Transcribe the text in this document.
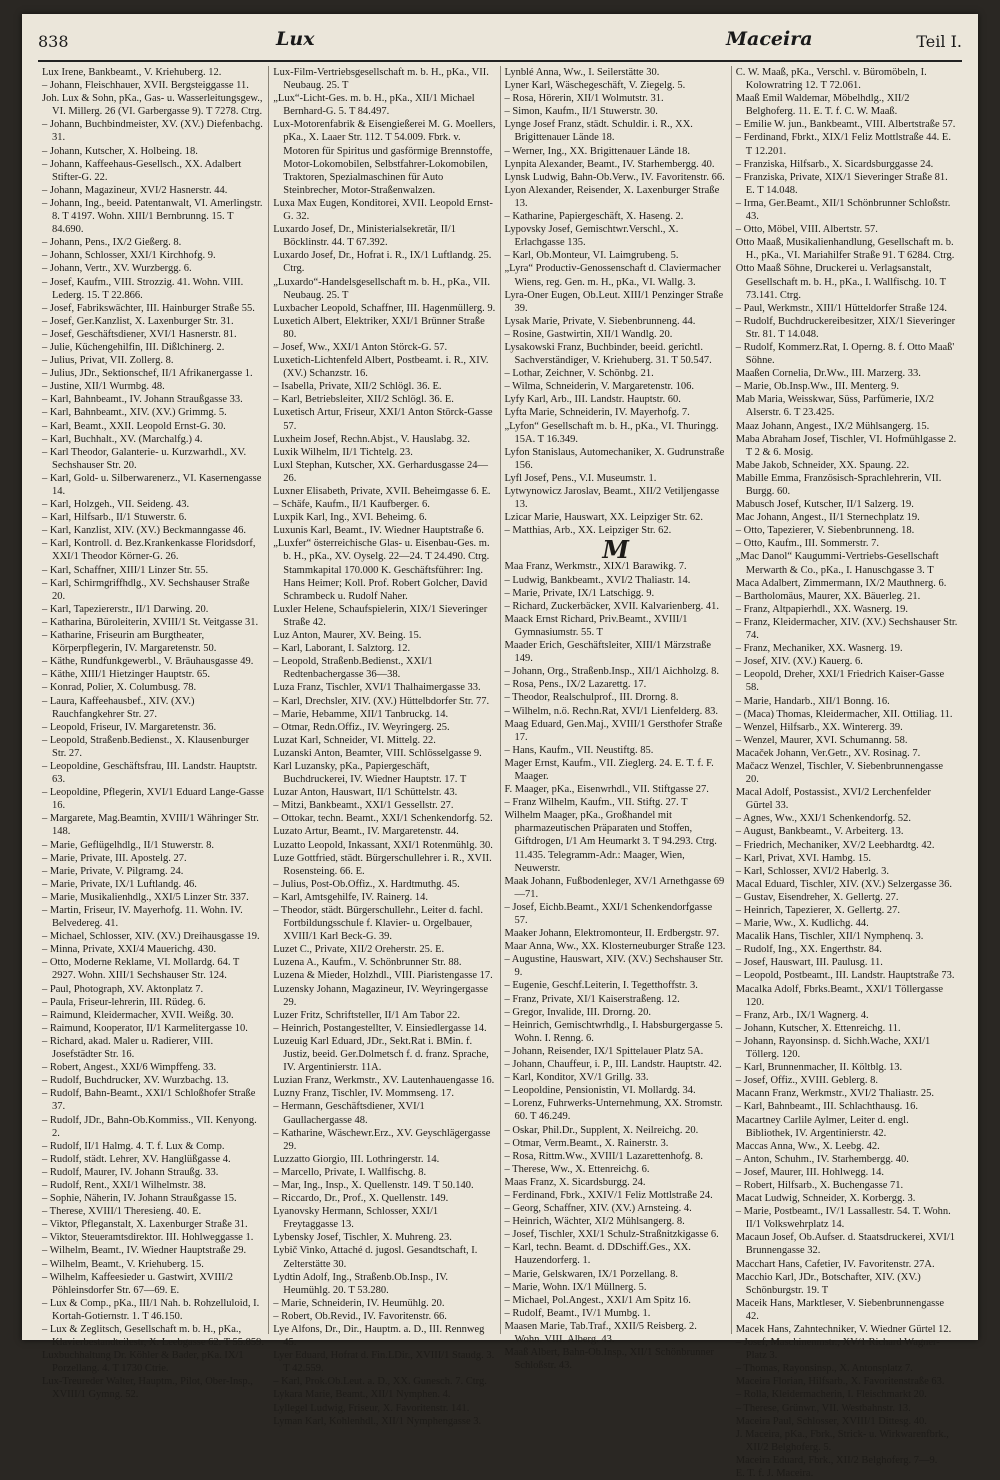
838	Lux	Maceira	Teil I.

Lux Irene, Bankbeamt., V. Kriehuberg. 12.

– Johann, Fleischhauer, XVII. Bergsteiggasse 11.

Joh. Lux & Sohn, pKa., Gas- u. Wasserleitungsgew., VI. Millerg. 26 (VI. Garbergasse 9). T 7278. Ctrg.

– Johann, Buchbindmeister, XV. (XV.) Diefenbachg. 31.

– Johann, Kutscher, X. Holbeing. 18.

– Johann, Kaffeehaus-Gesellsch., XX. Adalbert Stifter-G. 22.

– Johann, Magazineur, XVI/2 Hasnerstr. 44.

– Johann, Ing., beeid. Patentanwalt, VI. Amerlingstr. 8. T 4197. Wohn. XIII/1 Bernbrunng. 15. T 84.690.

– Johann, Pens., IX/2 Gießerg. 8.

– Johann, Schlosser, XXI/1 Kirchhofg. 9.

– Johann, Vertr., XV. Wurzbergg. 6.

– Josef, Kaufm., VIII. Strozzig. 41. Wohn. VIII. Lederg. 15. T 22.866.

– Josef, Fabrikswächter, III. Hainburger Straße 55.

– Josef, Ger.Kanzlist, X. Laxenburger Str. 31.

– Josef, Geschäftsdiener, XVI/1 Hasnerstr. 81.

– Julie, Küchengehilfin, III. Dißlchinerg. 2.

– Julius, Privat, VII. Zollerg. 8.

– Julius, JDr., Sektionschef, II/1 Afrikanergasse 1.

– Justine, XII/1 Wurmbg. 48.

– Karl, Bahnbeamt., IV. Johann Straußgasse 33.

– Karl, Bahnbeamt., XIV. (XV.) Grimmg. 5.

– Karl, Beamt., XXII. Leopold Ernst-G. 30.

– Karl, Buchhalt., XV. (Marchalfg.) 4.

– Karl Theodor, Galanterie- u. Kurzwarhdl., XV. Sechshauser Str. 20.

– Karl, Gold- u. Silberwarenerz., VI. Kasernengasse 14.

– Karl, Holzgeh., VII. Seideng. 43.

– Karl, Hilfsarb., II/1 Stuwerstr. 6.

– Karl, Kanzlist, XIV. (XV.) Beckmanngasse 46.

– Karl, Kontroll. d. Bez.Krankenkasse Floridsdorf, XXI/1 Theodor Körner-G. 26.

– Karl, Schaffner, XIII/1 Linzer Str. 55.

– Karl, Schirmgriffhdlg., XV. Sechshauser Straße 20.

– Karl, Tapeziererstr., II/1 Darwing. 20.

– Katharina, Büroleiterin, XVIII/1 St. Veitgasse 31.

– Katharine, Friseurin am Burgtheater, Körperpflegerin, IV. Margaretenstr. 50.

– Käthe, Rundfunkgewerbl., V. Bräuhausgasse 49.

– Käthe, XIII/1 Hietzinger Hauptstr. 65.

– Konrad, Polier, X. Columbusg. 78.

– Laura, Kaffeehausbef., XIV. (XV.) Rauchfangkehrer Str. 27.

– Leopold, Friseur, IV. Margaretenstr. 36.

– Leopold, Straßenb.Bedienst., X. Klausenburger Str. 27.

– Leopoldine, Geschäftsfrau, III. Landstr. Hauptstr. 63.

– Leopoldine, Pflegerin, XVI/1 Eduard Lange-Gasse 16.

– Margarete, Mag.Beamtin, XVIII/1 Währinger Str. 148.

– Marie, Geflügelhdlg., II/1 Stuwerstr. 8.

– Marie, Private, III. Apostelg. 27.

– Marie, Private, V. Pilgramg. 24.

– Marie, Private, IX/1 Luftlandg. 46.

– Marie, Musikalienhdlg., XXI/5 Linzer Str. 337.

– Martin, Friseur, IV. Mayerhofg. 11. Wohn. IV. Belvedereg. 41.

– Michael, Schlosser, XIV. (XV.) Dreihausgasse 19.

– Minna, Private, XXI/4 Mauerichg. 430.

– Otto, Moderne Reklame, VI. Mollardg. 64. T 2927. Wohn. XIII/1 Sechshauser Str. 124.

– Paul, Photograph, XV. Aktonplatz 7.

– Paula, Friseur-lehrerin, III. Rüdeg. 6.

– Raimund, Kleidermacher, XVII. Weißg. 30.

– Raimund, Kooperator, II/1 Karmelitergasse 10.

– Richard, akad. Maler u. Radierer, VIII. Josefstädter Str. 16.

– Robert, Angest., XXI/6 Wimpffeng. 33.

– Rudolf, Buchdrucker, XV. Wurzbachg. 13.

– Rudolf, Bahn-Beamt., XXI/1 Schloßhofer Straße 37.

– Rudolf, JDr., Bahn-Ob.Kommiss., VII. Kenyong. 2.

– Rudolf, II/1 Halmg. 4. T. f. Lux & Comp.

– Rudolf, städt. Lehrer, XV. Hanglüßgasse 4.

– Rudolf, Maurer, IV. Johann Straußg. 33.

– Rudolf, Rent., XXI/1 Wilhelmstr. 38.

– Sophie, Näherin, IV. Johann Straußgasse 15.

– Therese, XVIII/1 Theresieng. 40. E.

– Viktor, Pfleganstalt, X. Laxenburger Straße 31.

– Viktor, Steueramtsdirektor. III. Hohlweggasse 1.

– Wilhelm, Beamt., IV. Wiedner Hauptstraße 29.

– Wilhelm, Beamt., V. Kriehuberg. 15.

– Wilhelm, Kaffeesieder u. Gastwirt, XVIII/2 Pöhleinsdorfer Str. 67—69. E.

– Lux & Comp., pKa., III/1 Nah. b. Rohzelluloid, I. Kortah-Gotiernstr. 1. T 46.150.

– Lux & Zeglitsch, Gesellschaft m. b. H., pKa., Klavierbestandteilestr, X. Leebgasse 62. T 55.859.

Luxbuchhaltung Dr. Köhler & Bader, pKa. IX/1 Porzellang. 4. T 1730 Ctrie.

Lux-Treureder Walter, Hauptm., Pilot, Ober-Insp., XVIII/1 Gymng. 52.

Lux-Film-Vertriebsgesellschaft m. b. H., pKa., VII. Neubaug. 25. T

„Lux“-Licht-Ges. m. b. H., pKa., XII/1 Michael Bernhard-G. 5. T 84.497.

Lux-Motorenfabrik & Eisengießerei M. G. Moellers, pKa., X. Laaer Str. 112. T 54.009. Fbrk. v. Motoren für Spiritus und gasförmige Brennstoffe, Motor-Lokomobilen, Selbstfahrer-Lokomobilen, Traktoren, Spezialmaschinen für Auto Steinbrecher, Motor-Straßenwalzen.

Luxa Max Eugen, Konditorei, XVII. Leopold Ernst-G. 32.

Luxardo Josef, Dr., Ministerialsekretär, II/1 Böcklinstr. 44. T 67.392.

Luxardo Josef, Dr., Hofrat i. R., IX/1 Luftlandg. 25. Ctrg.

„Luxardo“-Handelsgesellschaft m. b. H., pKa., VII. Neubaug. 25. T

Luxbacher Leopold, Schaffner, III. Hagenmüllerg. 9.

Luxetich Albert, Elektriker, XXI/1 Brünner Straße 80.

– Josef, Ww., XXI/1 Anton Störck-G. 57.

Luxetich-Lichtenfeld Albert, Postbeamt. i. R., XIV. (XV.) Schanzstr. 16.

– Isabella, Private, XII/2 Schlögl. 36. E.

– Karl, Betriebsleiter, XII/2 Schlögl. 36. E.

Luxetisch Artur, Friseur, XXI/1 Anton Störck-Gasse 57.

Luxheim Josef, Rechn.Abjst., V. Hauslabg. 32.

Luxik Wilhelm, II/1 Tichtelg. 23.

Luxl Stephan, Kutscher, XX. Gerhardusgasse 24—26.

Luxner Elisabeth, Private, XVII. Beheimgasse 6. E.

– Schäfe, Kaufm., II/1 Kaufberger. 6.

Luxpik Karl, Ing., XVI. Beheimg. 6.

Luxunis Karl, Beamt., IV. Wiedner Hauptstraße 6.

„Luxfer“ österreichische Glas- u. Eisenbau-Ges. m. b. H., pKa., XV. Oyselg. 22—24. T 24.490. Ctrg. Stammkapital 170.000 K. Geschäftsführer: Ing. Hans Heimer; Koll. Prof. Robert Golcher, David Schrambeck u. Rudolf Naher.

Luxler Helene, Schaufspielerin, XIX/1 Sieveringer Straße 42.

Luz Anton, Maurer, XV. Being. 15.

– Karl, Laborant, I. Salztorg. 12.

– Leopold, Straßenb.Bedienst., XXI/1 Redtenbachergasse 36—38.

Luza Franz, Tischler, XVI/1 Thalhaimergasse 33.

– Karl, Drechsler, XIV. (XV.) Hüttelbdorfer Str. 77.

– Marie, Hebamme, XII/1 Tanbruckg. 14.

– Otmar, Redn.Offiz., IV. Weyringerg. 25.

Luzat Karl, Schneider, VI. Mittelg. 22.

Luzanski Anton, Beamter, VIII. Schlösselgasse 9.

Karl Luzansky, pKa., Papiergeschäft, Buchdruckerei, IV. Wiedner Hauptstr. 17. T

Luzar Anton, Hauswart, II/1 Schüttelstr. 43.

– Mitzi, Bankbeamt., XXI/1 Gessellstr. 27.

– Ottokar, techn. Beamt., XXI/1 Schenkendorfg. 52.

Luzato Artur, Beamt., IV. Margaretenstr. 44.

Luzatto Leopold, Inkassant, XXI/1 Rotenmühlg. 30.

Luze Gottfried, städt. Bürgerschullehrer i. R., XVII. Rosensteing. 66. E.

– Julius, Post-Ob.Offiz., X. Hardtmuthg. 45.

– Karl, Amtsgehilfe, IV. Rainerg. 14.

– Theodor, städt. Bürgerschullehr., Leiter d. fachl. Fortbildungsschule f. Klavier- u. Orgelbauer, XVIII/1 Karl Beck-G. 39.

Luzet C., Private, XII/2 Oreherstr. 25. E.

Luzena A., Kaufm., V. Schönbrunner Str. 88.

Luzena & Mieder, Holzhdl., VIII. Piaristengasse 17.

Luzensky Johann, Magazineur, IV. Weyringergasse 29.

Luzer Fritz, Schriftsteller, II/1 Am Tabor 22.

– Heinrich, Postangestellter, V. Einsiedlergasse 14.

Luzeuig Karl Eduard, JDr., Sekt.Rat i. BMin. f. Justiz, beeid. Ger.Dolmetsch f. d. franz. Sprache, IV. Argentinierstr. 11A.

Luzian Franz, Werkmstr., XV. Lautenhauengasse 16.

Luzny Franz, Tischler, IV. Mommseng. 17.

– Hermann, Geschäftsdiener, XVI/1 Gaullachergasse 48.

– Katharine, Wäschewr.Erz., XV. Geyschlägergasse 29.

Luzzatto Giorgio, III. Lothringerstr. 14.

– Marcello, Private, I. Wallfischg. 8.

– Mar, Ing., Insp., X. Quellenstr. 149. T 50.140.

– Riccardo, Dr., Prof., X. Quellenstr. 149.

Lyanovsky Hermann, Schlosser, XXI/1 Freytaggasse 13.

Lybensky Josef, Tischler, X. Muhreng. 23.

Lybič Vinko, Attaché d. jugosl. Gesandtschaft, I. Zelterstätte 30.

Lydtin Adolf, Ing., Straßenb.Ob.Insp., IV. Heumühlg. 20. T 53.280.

– Marie, Schneiderin, IV. Heumühlg. 20.

– Robert, Ob.Revid., IV. Favoritenstr. 66.

Lye Alfons, Dr., Dir., Hauptm. a. D., III. Rennweg 45.

Lyer Eduard, Hofrat d. Fin.LDir., XVIII/1 Staudg. 3. T 42.559.

– Karl, Prok.Ob.Leut. a. D., XX. Gunesch. 7. Ctrg.

Lykara Marie, Beamt., XII/1 Nymphen. 4.

Lyllegel Ludwig, Friseur, X. Favoritenstr. 141.

Lyman Karl, Kohlenhdl., XII/1 Nymphengasse 3.

Lynblé Anna, Ww., I. Seilerstätte 30.

Lyner Karl, Wäschegeschäft, V. Ziegelg. 5.

– Rosa, Hörerin, XII/1 Wolmutstr. 31.

– Simon, Kaufm., II/1 Stuwerstr. 30.

Lynge Josef Franz, städt. Schuldir. i. R., XX. Brigittenauer Lände 18.

– Werner, Ing., XX. Brigittenauer Lände 18.

Lynpita Alexander, Beamt., IV. Starhembergg. 40.

Lynsk Ludwig, Bahn-Ob.Verw., IV. Favoritenstr. 66.

Lyon Alexander, Reisender, X. Laxenburger Straße 13.

– Katharine, Papiergeschäft, X. Haseng. 2.

Lypovsky Josef, Gemischtwr.Verschl., X. Erlachgasse 135.

– Karl, Ob.Monteur, VI. Laimgrubeng. 5.

„Lyra“ Productiv-Genossenschaft d. Claviermacher Wiens, reg. Gen. m. H., pKa., VI. Wallg. 3.

Lyra-Oner Eugen, Ob.Leut. XIII/1 Penzinger Straße 39.

Lysak Marie, Private, V. Siebenbrunneng. 44.

– Rosine, Gastwirtin, XII/1 Wandlg. 20.

Lysakowski Franz, Buchbinder, beeid. gerichtl. Sachverständiger, V. Kriehuberg. 31. T 50.547.

– Lothar, Zeichner, V. Schönbg. 21.

– Wilma, Schneiderin, V. Margaretenstr. 106.

Lyfy Karl, Arb., III. Landstr. Hauptstr. 60.

Lyfta Marie, Schneiderin, IV. Mayerhofg. 7.

„Lyfon“ Gesellschaft m. b. H., pKa., VI. Thuringg. 15A. T 16.349.

Lyfon Stanislaus, Automechaniker, X. Gudrunstraße 156.

Lyfl Josef, Pens., V.I. Museumstr. 1.

Lytwynowicz Jaroslav, Beamt., XII/2 Vetiljengasse 13.

Lzicar Marie, Hauswart, XX. Leipziger Str. 62.

– Matthias, Arb., XX. Leipziger Str. 62.

M

Maa Franz, Werkmstr., XIX/1 Barawikg. 7.

– Ludwig, Bankbeamt., XVI/2 Thaliastr. 14.

– Marie, Private, IX/1 Latschigg. 9.

– Richard, Zuckerbäcker, XVII. Kalvarienberg. 41.

Maack Ernst Richard, Priv.Beamt., XVIII/1 Gymnasiumstr. 55. T

Maader Erich, Geschäftsleiter, XIII/1 Märzstraße 149.

– Johann, Org., Straßenb.Insp., XII/1 Aichholzg. 8.

– Rosa, Pens., IX/2 Lazarettg. 17.

– Theodor, Realschulprof., III. Drorng. 8.

– Wilhelm, n.ö. Rechn.Rat, XVI/1 Lienfelderg. 83.

Maag Eduard, Gen.Maj., XVIII/1 Gersthofer Straße 17.

– Hans, Kaufm., VII. Neustiftg. 85.

Mager Ernst, Kaufm., VII. Zieglerg. 24. E. T. f. F. Maager.

F. Maager, pKa., Eisenwrhdl., VII. Stiftgasse 27.

– Franz Wilhelm, Kaufm., VII. Stiftg. 27. T

Wilhelm Maager, pKa., Großhandel mit pharmazeutischen Präparaten und Stoffen, Giftdrogen, I/1 Am Heumarkt 3. T 94.293. Ctrg. 11.435. Telegramm-Adr.: Maager, Wien, Neuwerstr.

Maak Johann, Fußbodenleger, XV/1 Arnethgasse 69—71.

– Josef, Eichb.Beamt., XXI/1 Schenkendorfgasse 57.

Maaker Johann, Elektromonteur, II. Erdbergstr. 97.

Maar Anna, Ww., XX. Klosterneuburger Straße 123.

– Augustine, Hauswart, XIV. (XV.) Sechshauser Str. 9.

– Eugenie, Geschf.Leiterin, I. Tegetthoffstr. 3.

– Franz, Private, XI/1 Kaiserstraßeng. 12.

– Gregor, Invalide, III. Drorng. 20.

– Heinrich, Gemischtwrhdlg., I. Habsburgergasse 5. Wohn. I. Renng. 6.

– Johann, Reisender, IX/1 Spittelauer Platz 5A.

– Johann, Chauffeur, i. P., III. Landstr. Hauptstr. 42.

– Karl, Konditor, XV/1 Grillg. 33.

– Leopoldine, Pensionistin, VI. Mollardg. 34.

– Lorenz, Fuhrwerks-Unternehmung, XX. Stromstr. 60. T 46.249.

– Oskar, Phil.Dr., Supplent, X. Neilreichg. 20.

– Otmar, Verm.Beamt., X. Rainerstr. 3.

– Rosa, Rittm.Ww., XVIII/1 Lazarettenhofg. 8.

– Therese, Ww., X. Ettenreichg. 6.

Maas Franz, X. Sicardsburgg. 24.

– Ferdinand, Fbrk., XXIV/1 Feliz Mottlstraße 24.

– Georg, Schaffner, XIV. (XV.) Arnsteing. 4.

– Heinrich, Wächter, XI/2 Mühlsangerg. 8.

– Josef, Tischler, XXI/1 Schulz-Straßnitzkigasse 6.

– Karl, techn. Beamt. d. DDschiff.Ges., XX. Hauzendorferg. 1.

– Marie, Gelskwaren, IX/1 Porzellang. 8.

– Marie, Wohn. IX/1 Müllnerg. 5.

– Michael, Pol.Angest., XXI/1 Am Spitz 16.

– Rudolf, Beamt., IV/1 Mumbg. 1.

Maasen Marie, Tab.Traf., XXII/5 Reisberg. 2. Wohn. VIII. Alberg. 43.

Maaß Albert, Bahn-Ob.Insp., XII/1 Schönbrunner Schloßstr. 43.

C. W. Maaß, pKa., Verschl. v. Büromöbeln, I. Kolowratring 12. T 72.061.

Maaß Emil Waldemar, Möbelhdlg., XII/2 Belghoferg. 11. E. T. f. C. W. Maaß.

– Emilie W. jun., Bankbeamt., VIII. Albertstraße 57.

– Ferdinand, Fbrkt., XIX/1 Feliz Mottlstraße 44. E. T 12.201.

– Franziska, Hilfsarb., X. Sicardsburggasse 24.

– Franziska, Private, XIX/1 Sieveringer Straße 81. E. T 14.048.

– Irma, Ger.Beamt., XII/1 Schönbrunner Schloßstr. 43.

– Otto, Möbel, VIII. Albertstr. 57.

Otto Maaß, Musikalienhandlung, Gesellschaft m. b. H., pKa., VI. Mariahilfer Straße 91. T 6284. Ctrg.

Otto Maaß Söhne, Druckerei u. Verlagsanstalt, Gesellschaft m. b. H., pKa., I. Wallfischg. 10. T 73.141. Ctrg.

– Paul, Werkmstr., XIII/1 Hütteldorfer Straße 124.

– Rudolf, Buchdruckereibesitzer, XIX/1 Sieveringer Str. 81. T 14.048.

– Rudolf, Kommerz.Rat, I. Operng. 8. f. Otto Maaß' Söhne.

Maaßen Cornelia, Dr.Ww., III. Marzerg. 33.

– Marie, Ob.Insp.Ww., III. Menterg. 9.

Mab Maria, Weisskwar, Süss, Parfümerie, IX/2 Alserstr. 6. T 23.425.

Maaz Johann, Angest., IX/2 Mühlsangerg. 15.

Maba Abraham Josef, Tischler, VI. Hofmühlgasse 2. T 2 & 6. Mosig.

Mabe Jakob, Schneider, XX. Spaung. 22.

Mabille Emma, Französisch-Sprachlehrerin, VII. Burgg. 60.

Mabusch Josef, Kutscher, II/1 Salzerg. 19.

Mac Johann, Angest., II/1 Sternechplatz 19.

– Otto, Tapezierer, V. Siebenbrunneng. 18.

– Otto, Kaufm., III. Sommerstr. 7.

„Mac Danol“ Kaugummi-Vertriebs-Gesellschaft Merwarth & Co., pKa., I. Hanuschgasse 3. T

Maca Adalbert, Zimmermann, IX/2 Mauthnerg. 6.

– Bartholomäus, Maurer, XX. Bäuerleg. 21.

– Franz, Altpapierhdl., XX. Wasnerg. 19.

– Franz, Kleidermacher, XIV. (XV.) Sechshauser Str. 74.

– Franz, Mechaniker, XX. Wasnerg. 19.

– Josef, XIV. (XV.) Kauerg. 6.

– Leopold, Dreher, XXI/1 Friedrich Kaiser-Gasse 58.

– Marie, Handarb., XII/1 Bonng. 16.

– (Maca) Thomas, Kleidermacher, XII. Ottiliag. 11.

– Wenzel, Hilfsarb., XX. Wintererg. 39.

– Wenzel, Maurer, XVI. Schumanng. 58.

Macaček Johann, Ver.Getr., XV. Rosinag. 7.

Mačacz Wenzel, Tischler, V. Siebenbrunnengasse 20.

Macal Adolf, Postassist., XVI/2 Lerchenfelder Gürtel 33.

– Agnes, Ww., XXI/1 Schenkendorfg. 52.

– August, Bankbeamt., V. Arbeiterg. 13.

– Friedrich, Mechaniker, XV/2 Leebhardtg. 42.

– Karl, Privat, XVI. Hambg. 15.

– Karl, Schlosser, XVI/2 Haberlg. 3.

Macal Eduard, Tischler, XIV. (XV.) Selzergasse 36.

– Gustav, Eisendreher, X. Gellertg. 27.

– Heinrich, Tapezierer, X. Gellertg. 27.

– Marie, Ww., X. Kudlichg. 44.

Macalik Hans, Tischler, XII/1 Nymphenq. 3.

– Rudolf, Ing., XX. Engerthstr. 84.

– Josef, Hauswart, III. Paulusg. 11.

– Leopold, Postbeamt., III. Landstr. Hauptstraße 73.

Macalka Adolf, Fbrks.Beamt., XXI/1 Töllergasse 120.

– Franz, Arb., IX/1 Wagnerg. 4.

– Johann, Kutscher, X. Ettenreichg. 11.

– Johann, Rayonsinsp. d. Sichh.Wache, XXI/1 Töllerg. 120.

– Karl, Brunnenmacher, II. Költblg. 13.

– Josef, Offiz., XVIII. Geblerg. 8.

Macann Franz, Werkmstr., XVI/2 Thaliastr. 25.

– Karl, Bahnbeamt., III. Schlachthausg. 16.

Macartney Carlile Aylmer, Leiter d. engl. Bibliothek, IV. Argentinierstr. 42.

Maccas Anna, Ww., X. Leebg. 42.

– Anton, Schuhm., IV. Starhembergg. 40.

– Josef, Maurer, III. Hohlwegg. 14.

– Robert, Hilfsarb., X. Buchengasse 71.

Macat Ludwig, Schneider, X. Korbergg. 3.

– Marie, Postbeamt., IV/1 Lassallestr. 54. T. Wohn. II/1 Volkswehrplatz 14.

Macaun Josef, Ob.Aufser. d. Staatsdruckerei, XVI/1 Brunnengasse 32.

Macchart Hans, Cafetier, IV. Favoritenstr. 27A.

Macchio Karl, JDr., Botschafter, XIV. (XV.) Schönburgstr. 19. T

Maceik Hans, Marktleser, V. Siebenbrunnengasse 42.

Macek Hans, Zahntechniker, V. Wiedner Gürtel 12.

– Josef, Maschinenmstr., XV/1 Richard Wagner-Platz 3.

– Thomas, Rayonsinsp., X. Antonsplatz 7.

Maceira Florian, Hilfsarb., X. Favoritenstraße 63.

– Rolla, Kleidermacherin, I. Fleischmarkt 20.

– Therese, Grünwr., VII. Westbahnstr. 13.

Maceira Paul, Schlosser, XVIII/1 Dittesg. 40.

J. Maceira, pKa., Fbrk., Strick- u. Wirkwarenfbrk., XII/2 Belghoferg. 5.

Maceira Eduard, Fbrk., XII/2 Belghoferg. 7—9.

E. T. f. J. Maceira.
